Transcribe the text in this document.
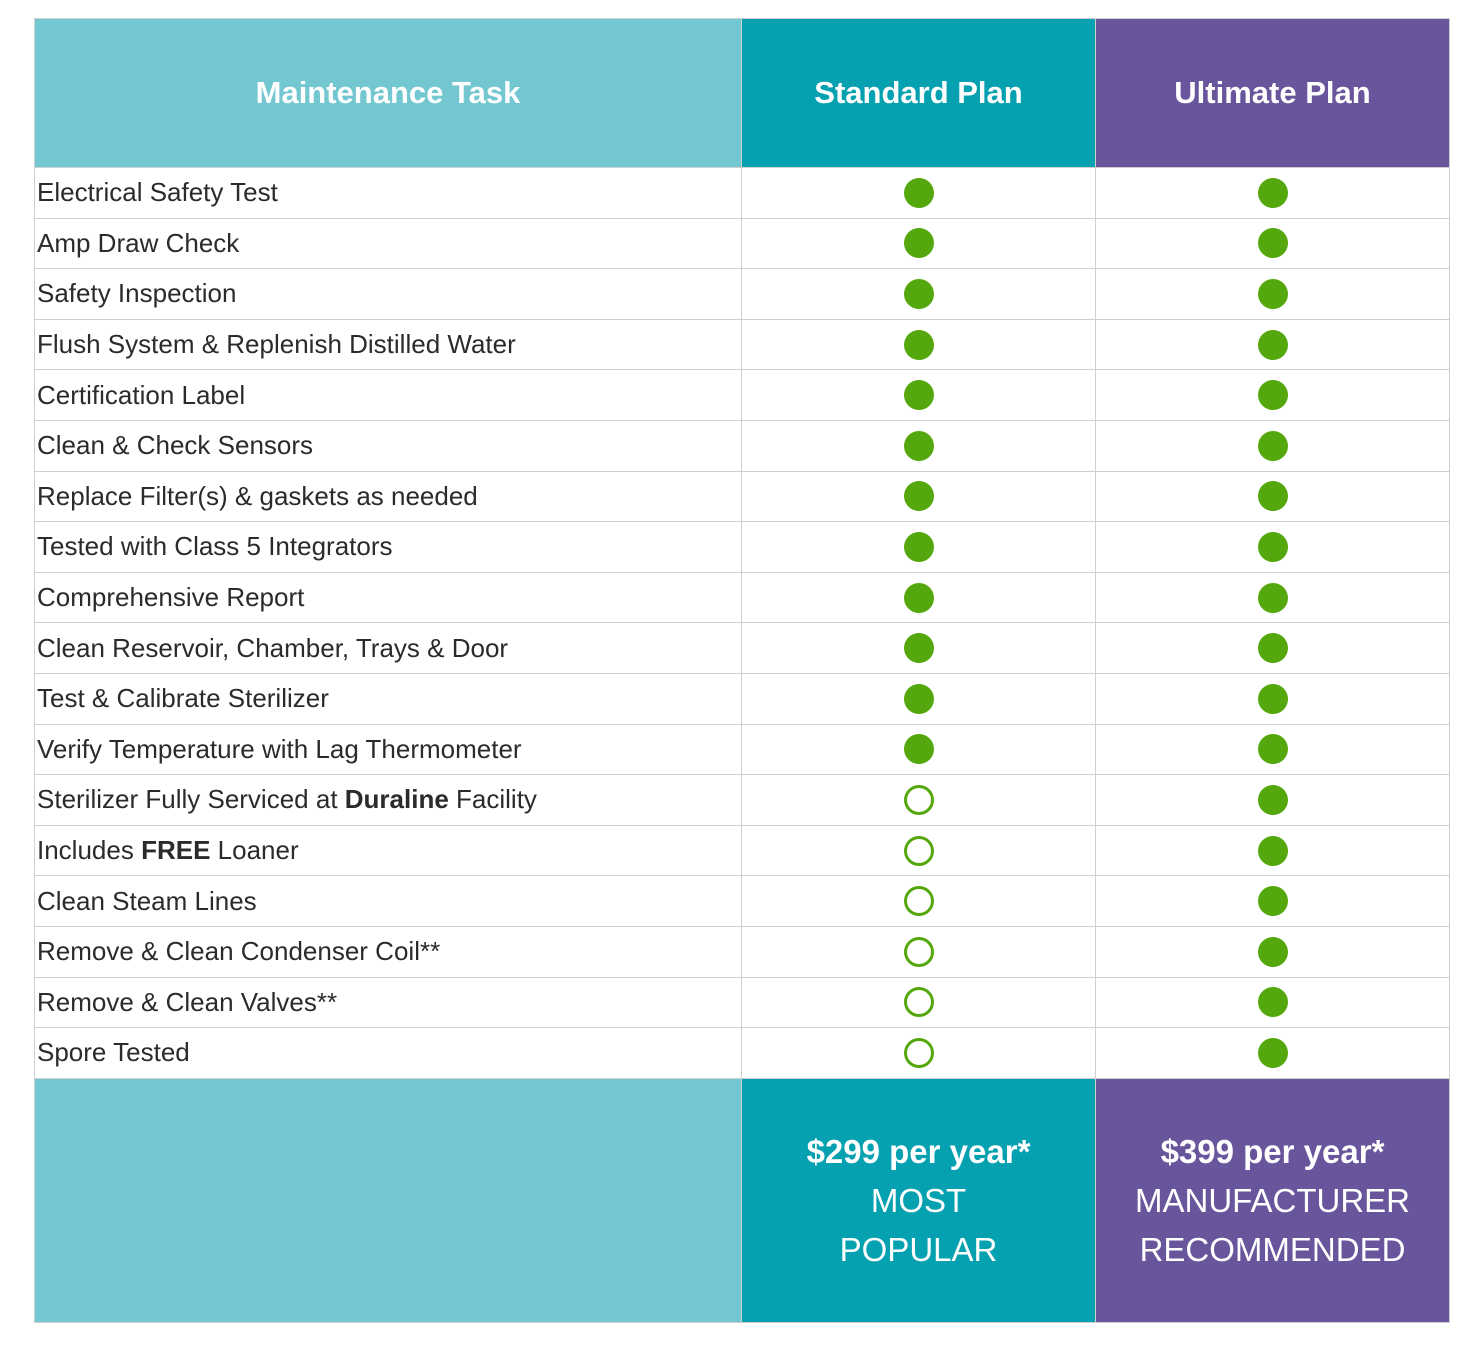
Maintenance Task	Standard Plan	Ultimate Plan
Electrical Safety Test
Amp Draw Check
Safety Inspection
Flush System & Replenish Distilled Water
Certification Label
Clean & Check Sensors
Replace Filter(s) & gaskets as needed
Tested with Class 5 Integrators
Comprehensive Report
Clean Reservoir, Chamber, Trays & Door
Test & Calibrate Sterilizer
Verify Temperature with Lag Thermometer
Sterilizer Fully Serviced at Duraline Facility
Includes FREE Loaner
Clean Steam Lines
Remove & Clean Condenser Coil**
Remove & Clean Valves**
Spore Tested
$299 per year*
MOST
POPULAR
$399 per year*
MANUFACTURER
RECOMMENDED
